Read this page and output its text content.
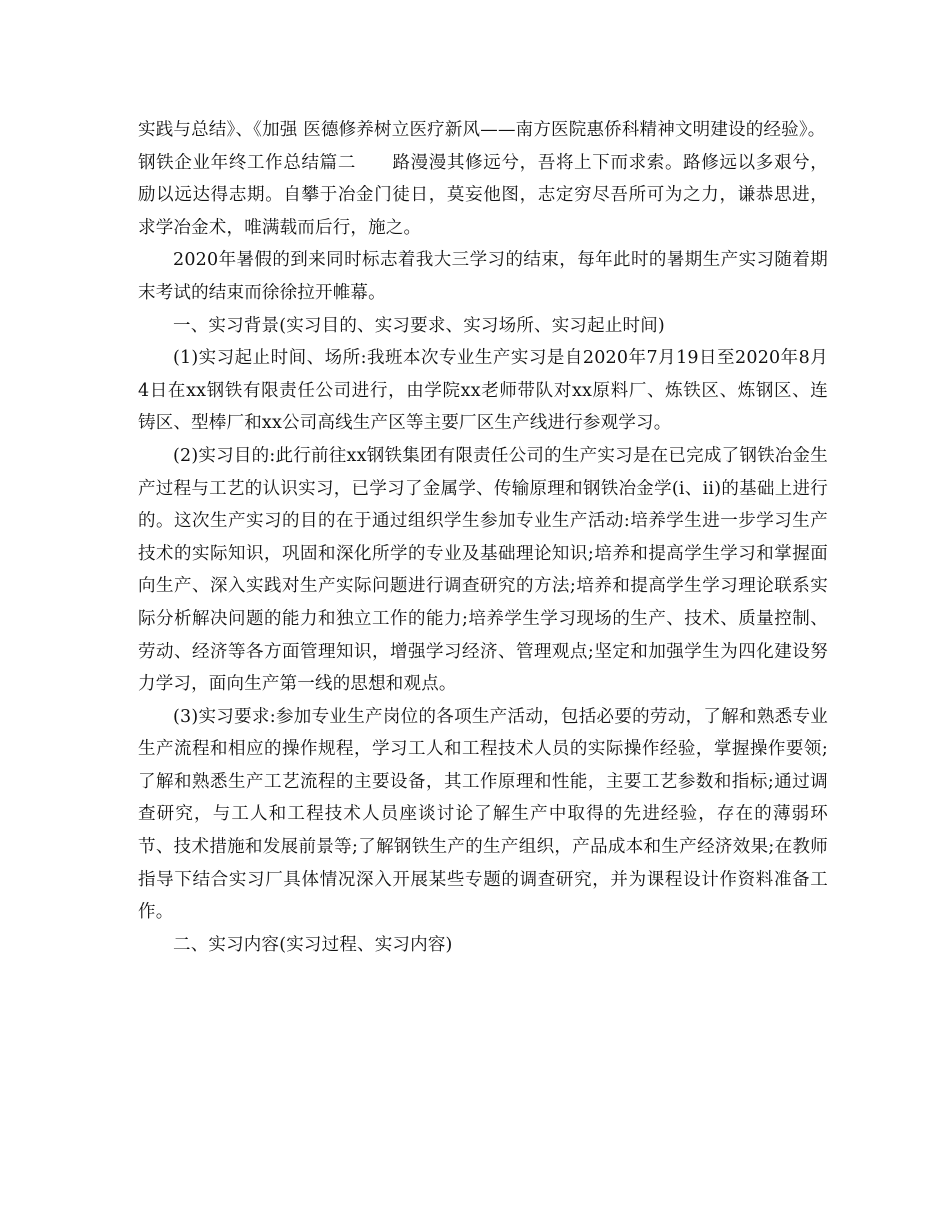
实践与总结》、《加强 医德修养树立医疗新风——南方医院惠侨科精神文明建设的经验》。

钢铁企业年终工作总结篇二 路漫漫其修远兮，吾将上下而求索。路修远以多艰兮，励以远达得志期。自攀于冶金门徒日，莫妄他图，志定穷尽吾所可为之力，谦恭思进，求学冶金术，唯满载而后行，施之。

2020年暑假的到来同时标志着我大三学习的结束，每年此时的暑期生产实习随着期末考试的结束而徐徐拉开帷幕。

一、实习背景(实习目的、实习要求、实习场所、实习起止时间)

(1)实习起止时间、场所:我班本次专业生产实习是自2020年7月19日至2020年8月4日在xx钢铁有限责任公司进行，由学院xx老师带队对xx原料厂、炼铁区、炼钢区、连铸区、型棒厂和xx公司高线生产区等主要厂区生产线进行参观学习。

(2)实习目的:此行前往xx钢铁集团有限责任公司的生产实习是在已完成了钢铁冶金生产过程与工艺的认识实习，已学习了金属学、传输原理和钢铁冶金学(i、ii)的基础上进行的。这次生产实习的目的在于通过组织学生参加专业生产活动:培养学生进一步学习生产技术的实际知识，巩固和深化所学的专业及基础理论知识;培养和提高学生学习和掌握面向生产、深入实践对生产实际问题进行调查研究的方法;培养和提高学生学习理论联系实际分析解决问题的能力和独立工作的能力;培养学生学习现场的生产、技术、质量控制、劳动、经济等各方面管理知识，增强学习经济、管理观点;坚定和加强学生为四化建设努力学习，面向生产第一线的思想和观点。

(3)实习要求:参加专业生产岗位的各项生产活动，包括必要的劳动，了解和熟悉专业生产流程和相应的操作规程，学习工人和工程技术人员的实际操作经验，掌握操作要领;了解和熟悉生产工艺流程的主要设备，其工作原理和性能，主要工艺参数和指标;通过调查研究，与工人和工程技术人员座谈讨论了解生产中取得的先进经验，存在的薄弱环节、技术措施和发展前景等;了解钢铁生产的生产组织，产品成本和生产经济效果;在教师指导下结合实习厂具体情况深入开展某些专题的调查研究，并为课程设计作资料准备工作。

二、实习内容(实习过程、实习内容)
